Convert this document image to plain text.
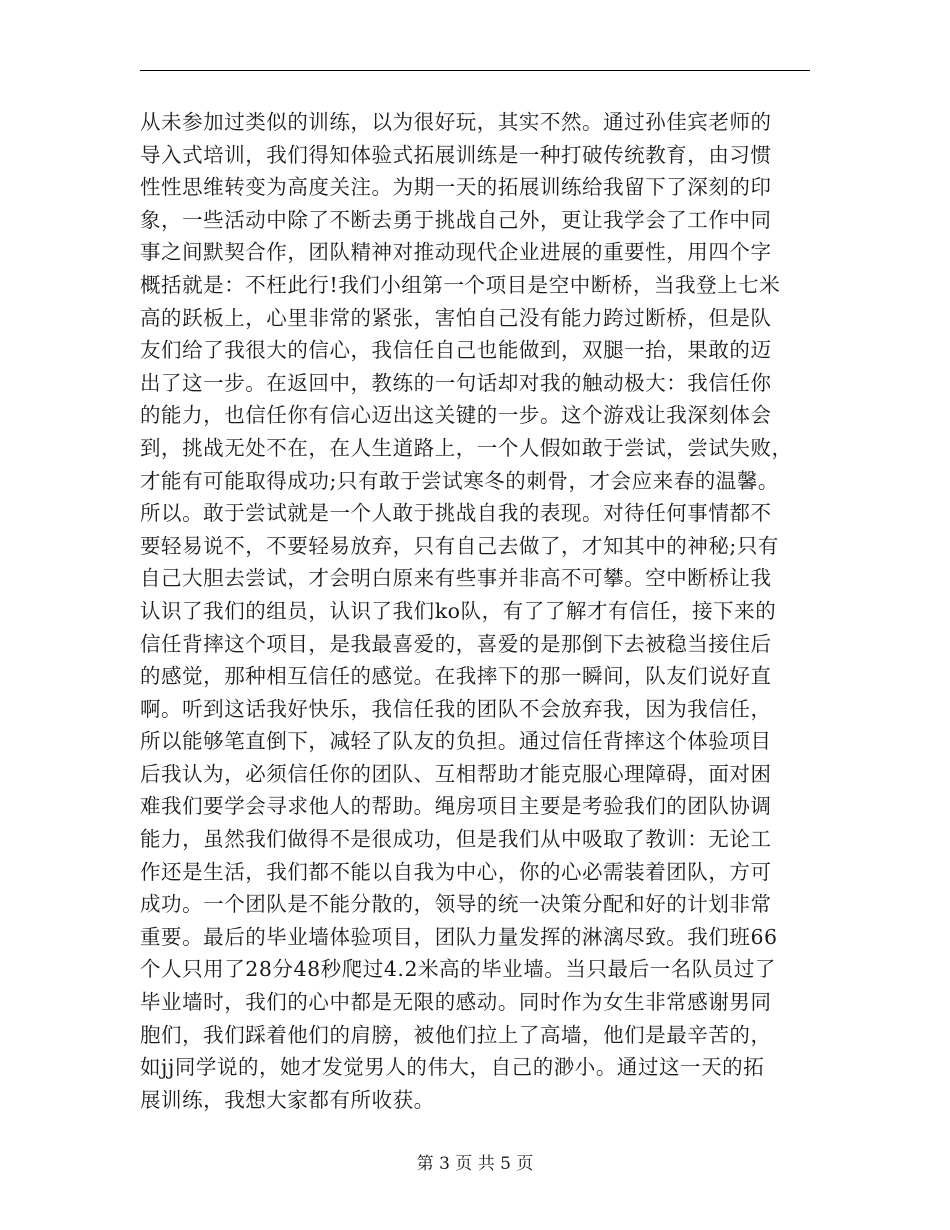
从未参加过类似的训练，以为很好玩，其实不然。通过孙佳宾老师的
导入式培训，我们得知体验式拓展训练是一种打破传统教育，由习惯
性性思维转变为高度关注。为期一天的拓展训练给我留下了深刻的印
象，一些活动中除了不断去勇于挑战自己外，更让我学会了工作中同
事之间默契合作，团队精神对推动现代企业进展的重要性，用四个字
概括就是：不枉此行!我们小组第一个项目是空中断桥，当我登上七米
高的跃板上，心里非常的紧张，害怕自己没有能力跨过断桥，但是队
友们给了我很大的信心，我信任自己也能做到，双腿一抬，果敢的迈
出了这一步。在返回中，教练的一句话却对我的触动极大：我信任你
的能力，也信任你有信心迈出这关键的一步。这个游戏让我深刻体会
到，挑战无处不在，在人生道路上，一个人假如敢于尝试，尝试失败，
才能有可能取得成功;只有敢于尝试寒冬的刺骨，才会应来春的温馨。
所以。敢于尝试就是一个人敢于挑战自我的表现。对待任何事情都不
要轻易说不，不要轻易放弃，只有自己去做了，才知其中的神秘;只有
自己大胆去尝试，才会明白原来有些事并非高不可攀。空中断桥让我
认识了我们的组员，认识了我们ko队，有了了解才有信任，接下来的
信任背摔这个项目，是我最喜爱的，喜爱的是那倒下去被稳当接住后
的感觉，那种相互信任的感觉。在我摔下的那一瞬间，队友们说好直
啊。听到这话我好快乐，我信任我的团队不会放弃我，因为我信任，
所以能够笔直倒下，减轻了队友的负担。通过信任背摔这个体验项目
后我认为，必须信任你的团队、互相帮助才能克服心理障碍，面对困
难我们要学会寻求他人的帮助。绳房项目主要是考验我们的团队协调
能力，虽然我们做得不是很成功，但是我们从中吸取了教训：无论工
作还是生活，我们都不能以自我为中心，你的心必需装着团队，方可
成功。一个团队是不能分散的，领导的统一决策分配和好的计划非常
重要。最后的毕业墙体验项目，团队力量发挥的淋漓尽致。我们班66
个人只用了28分48秒爬过4.2米高的毕业墙。当只最后一名队员过了
毕业墙时，我们的心中都是无限的感动。同时作为女生非常感谢男同
胞们，我们踩着他们的肩膀，被他们拉上了高墙，他们是最辛苦的，
如jj同学说的，她才发觉男人的伟大，自己的渺小。通过这一天的拓
展训练，我想大家都有所收获。
第 3 页 共 5 页
